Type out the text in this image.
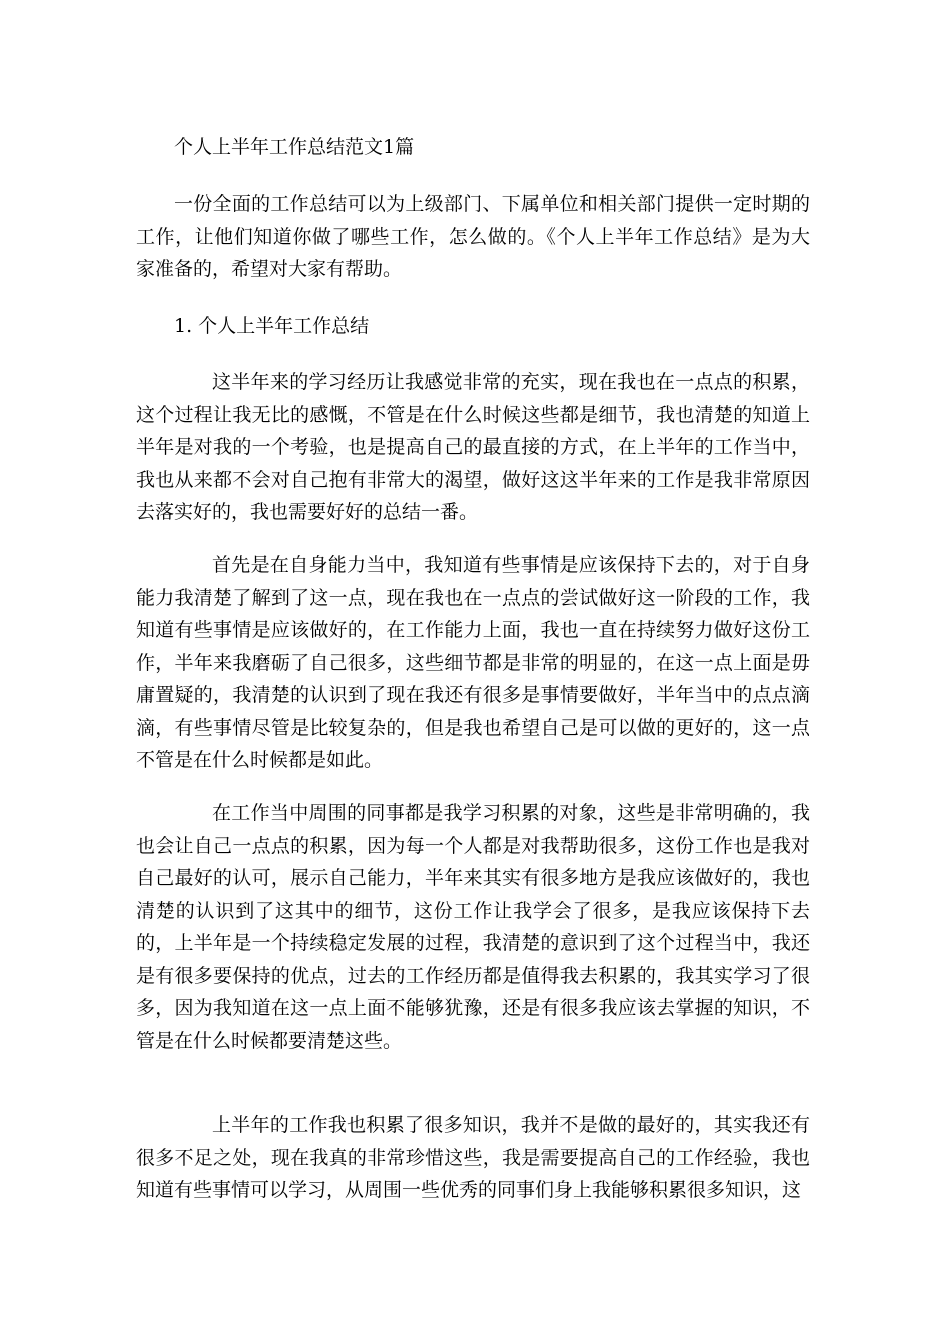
个人上半年工作总结范文1篇

一份全面的工作总结可以为上级部门、下属单位和相关部门提供一定时期的工作，让他们知道你做了哪些工作，怎么做的。《个人上半年工作总结》是为大家准备的，希望对大家有帮助。

1. 个人上半年工作总结

这半年来的学习经历让我感觉非常的充实，现在我也在一点点的积累，这个过程让我无比的感慨，不管是在什么时候这些都是细节，我也清楚的知道上半年是对我的一个考验，也是提高自己的最直接的方式，在上半年的工作当中，我也从来都不会对自己抱有非常大的渴望，做好这这半年来的工作是我非常原因去落实好的，我也需要好好的总结一番。

首先是在自身能力当中，我知道有些事情是应该保持下去的，对于自身能力我清楚了解到了这一点，现在我也在一点点的尝试做好这一阶段的工作，我知道有些事情是应该做好的，在工作能力上面，我也一直在持续努力做好这份工作，半年来我磨砺了自己很多，这些细节都是非常的明显的，在这一点上面是毋庸置疑的，我清楚的认识到了现在我还有很多是事情要做好，半年当中的点点滴滴，有些事情尽管是比较复杂的，但是我也希望自己是可以做的更好的，这一点不管是在什么时候都是如此。

在工作当中周围的同事都是我学习积累的对象，这些是非常明确的，我也会让自己一点点的积累，因为每一个人都是对我帮助很多，这份工作也是我对自己最好的认可，展示自己能力，半年来其实有很多地方是我应该做好的，我也清楚的认识到了这其中的细节，这份工作让我学会了很多，是我应该保持下去的，上半年是一个持续稳定发展的过程，我清楚的意识到了这个过程当中，我还是有很多要保持的优点，过去的工作经历都是值得我去积累的，我其实学习了很多，因为我知道在这一点上面不能够犹豫，还是有很多我应该去掌握的知识，不管是在什么时候都要清楚这些。

上半年的工作我也积累了很多知识，我并不是做的最好的，其实我还有很多不足之处，现在我真的非常珍惜这些，我是需要提高自己的工作经验，我也知道有些事情可以学习，从周围一些优秀的同事们身上我能够积累很多知识，这
